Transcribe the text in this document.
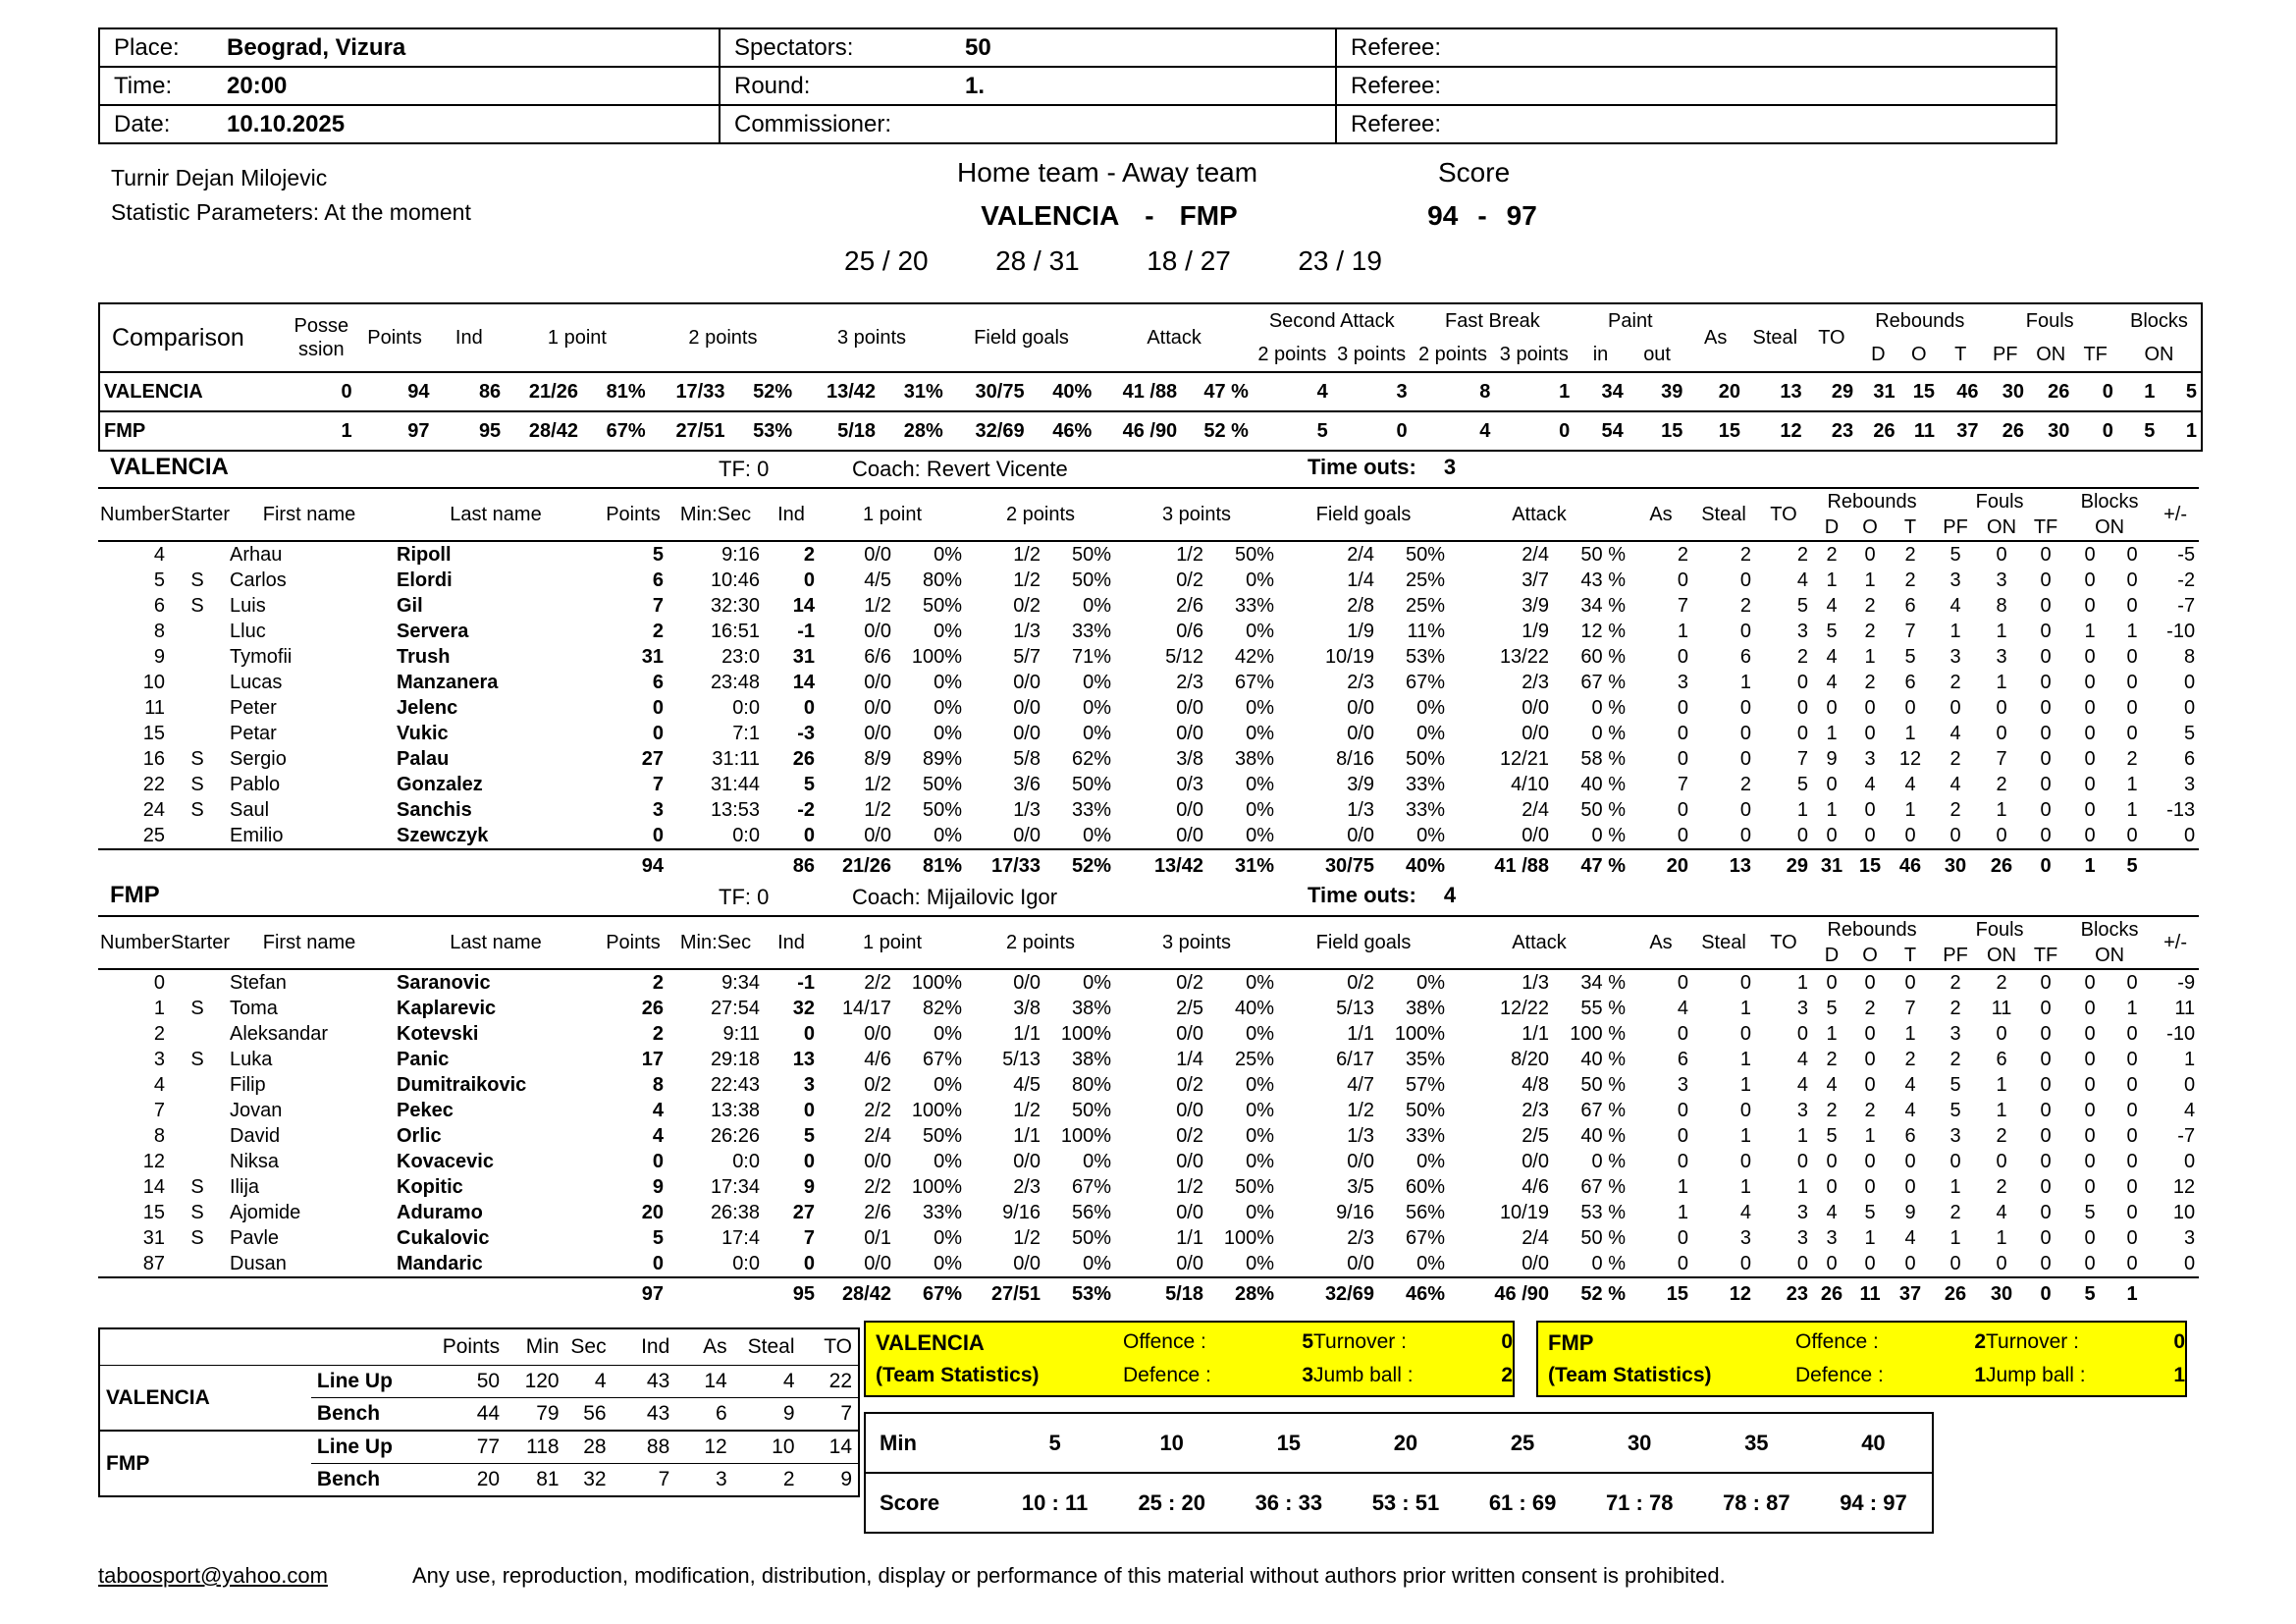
Place: Beograd, Vizura	Spectators: 50	Referee:
Time: 20:00	Round: 1.	Referee:
Date: 10.10.2025	Commissioner:	Referee:
Turnir Dejan Milojevic
Statistic Parameters: At the moment
Home team - Away team	Score
VALENCIA - FMP	94 - 97
25 / 20 28 / 31 18 / 27 23 / 19
Comparison	Posse ssion	Points	Ind	1 point		2 points		3 points		Field goals		Attack		Second Attack		Fast Break		Paint		As	Steal	TO	Rebounds			Fouls			Blocks	
														2 points	3 points	2 points	3 points	in	out				D	O	T	PF	ON	TF	ON	
VALENCIA	0	94	86	21/26	81%	17/33	52%	13/42	31%	30/75	40%	41 /88	47 %	4	3	8	1	34	39	20	13	29	31	15	46	30	26	0	1	5
FMP	1	97	95	28/42	67%	27/51	53%	5/18	28%	32/69	46%	46 /90	52 %	5	0	4	0	54	15	15	12	23	26	11	37	26	30	0	5	1
VALENCIA	TF: 0	Coach: Revert Vicente	Time outs: 3
Number	Starter	First name	Last name	Points	Min:Sec	Ind	1 point		2 points		3 points		Field goals		Attack		As	Steal	TO	Rebounds			Fouls			Blocks		+/-
																				D	O	T	PF	ON	TF	ON		
4		Arhau	Ripoll	5	9:16	2	0/0	0%	1/2	50%	1/2	50%	2/4	50%	2/4	50 %	2	2	2	2	0	2	5	0	0	0	0	-5
5	S	Carlos	Elordi	6	10:46	0	4/5	80%	1/2	50%	0/2	0%	1/4	25%	3/7	43 %	0	0	4	1	1	2	3	3	0	0	0	-2
6	S	Luis	Gil	7	32:30	14	1/2	50%	0/2	0%	2/6	33%	2/8	25%	3/9	34 %	7	2	5	4	2	6	4	8	0	0	0	-7
8		Lluc	Servera	2	16:51	-1	0/0	0%	1/3	33%	0/6	0%	1/9	11%	1/9	12 %	1	0	3	5	2	7	1	1	0	1	1	-10
9		Tymofii	Trush	31	23:0	31	6/6	100%	5/7	71%	5/12	42%	10/19	53%	13/22	60 %	0	6	2	4	1	5	3	3	0	0	0	8
10		Lucas	Manzanera	6	23:48	14	0/0	0%	0/0	0%	2/3	67%	2/3	67%	2/3	67 %	3	1	0	4	2	6	2	1	0	0	0	0
11		Peter	Jelenc	0	0:0	0	0/0	0%	0/0	0%	0/0	0%	0/0	0%	0/0	0 %	0	0	0	0	0	0	0	0	0	0	0	0
15		Petar	Vukic	0	7:1	-3	0/0	0%	0/0	0%	0/0	0%	0/0	0%	0/0	0 %	0	0	0	1	0	1	4	0	0	0	0	5
16	S	Sergio	Palau	27	31:11	26	8/9	89%	5/8	62%	3/8	38%	8/16	50%	12/21	58 %	0	0	7	9	3	12	2	7	0	0	2	6
22	S	Pablo	Gonzalez	7	31:44	5	1/2	50%	3/6	50%	0/3	0%	3/9	33%	4/10	40 %	7	2	5	0	4	4	4	2	0	0	1	3
24	S	Saul	Sanchis	3	13:53	-2	1/2	50%	1/3	33%	0/0	0%	1/3	33%	2/4	50 %	0	0	1	1	0	1	2	1	0	0	1	-13
25		Emilio	Szewczyk	0	0:0	0	0/0	0%	0/0	0%	0/0	0%	0/0	0%	0/0	0 %	0	0	0	0	0	0	0	0	0	0	0	0
				94		86	21/26	81%	17/33	52%	13/42	31%	30/75	40%	41 /88	47 %	20	13	29	31	15	46	30	26	0	1	5	
FMP	TF: 0	Coach: Mijailovic Igor	Time outs: 4
Number	Starter	First name	Last name	Points	Min:Sec	Ind	1 point		2 points		3 points		Field goals		Attack		As	Steal	TO	Rebounds			Fouls			Blocks		+/-
																				D	O	T	PF	ON	TF	ON		
0		Stefan	Saranovic	2	9:34	-1	2/2	100%	0/0	0%	0/2	0%	0/2	0%	1/3	34 %	0	0	1	0	0	0	2	2	0	0	0	-9
1	S	Toma	Kaplarevic	26	27:54	32	14/17	82%	3/8	38%	2/5	40%	5/13	38%	12/22	55 %	4	1	3	5	2	7	2	11	0	0	1	11
2		Aleksandar	Kotevski	2	9:11	0	0/0	0%	1/1	100%	0/0	0%	1/1	100%	1/1	100 %	0	0	0	1	0	1	3	0	0	0	0	-10
3	S	Luka	Panic	17	29:18	13	4/6	67%	5/13	38%	1/4	25%	6/17	35%	8/20	40 %	6	1	4	2	0	2	2	6	0	0	0	1
4		Filip	Dumitraikovic	8	22:43	3	0/2	0%	4/5	80%	0/2	0%	4/7	57%	4/8	50 %	3	1	4	4	0	4	5	1	0	0	0	0
7		Jovan	Pekec	4	13:38	0	2/2	100%	1/2	50%	0/0	0%	1/2	50%	2/3	67 %	0	0	3	2	2	4	5	1	0	0	0	4
8		David	Orlic	4	26:26	5	2/4	50%	1/1	100%	0/2	0%	1/3	33%	2/5	40 %	0	1	1	5	1	6	3	2	0	0	0	-7
12		Niksa	Kovacevic	0	0:0	0	0/0	0%	0/0	0%	0/0	0%	0/0	0%	0/0	0 %	0	0	0	0	0	0	0	0	0	0	0	0
14	S	Ilija	Kopitic	9	17:34	9	2/2	100%	2/3	67%	1/2	50%	3/5	60%	4/6	67 %	1	1	1	0	0	0	1	2	0	0	0	12
15	S	Ajomide	Aduramo	20	26:38	27	2/6	33%	9/16	56%	0/0	0%	9/16	56%	10/19	53 %	1	4	3	4	5	9	2	4	0	5	0	10
31	S	Pavle	Cukalovic	5	17:4	7	0/1	0%	1/2	50%	1/1	100%	2/3	67%	2/4	50 %	0	3	3	3	1	4	1	1	0	0	0	3
87		Dusan	Mandaric	0	0:0	0	0/0	0%	0/0	0%	0/0	0%	0/0	0%	0/0	0 %	0	0	0	0	0	0	0	0	0	0	0	0
				97		95	28/42	67%	27/51	53%	5/18	28%	32/69	46%	46 /90	52 %	15	12	23	26	11	37	26	30	0	5	1	
		Points	Min	Sec	Ind	As	Steal	TO
VALENCIA	Line Up	50	120	4	43	14	4	22
	Bench	44	79	56	43	6	9	7
FMP	Line Up	77	118	28	88	12	10	14
	Bench	20	81	32	7	3	2	9
VALENCIA	Offence :	5 Turnover :	0
(Team Statistics)	Defence :	3 Jumb ball :	2
FMP	Offence :	2 Turnover :	0
(Team Statistics)	Defence :	1 Jump ball :	1
Min	5	10	15	20	25	30	35	40
Score	10 : 11	25 : 20	36 : 33	53 : 51	61 : 69	71 : 78	78 : 87	94 : 97
taboosport@yahoo.com	Any use, reproduction, modification, distribution, display or performance of this material without authors prior written consent is prohibited.
